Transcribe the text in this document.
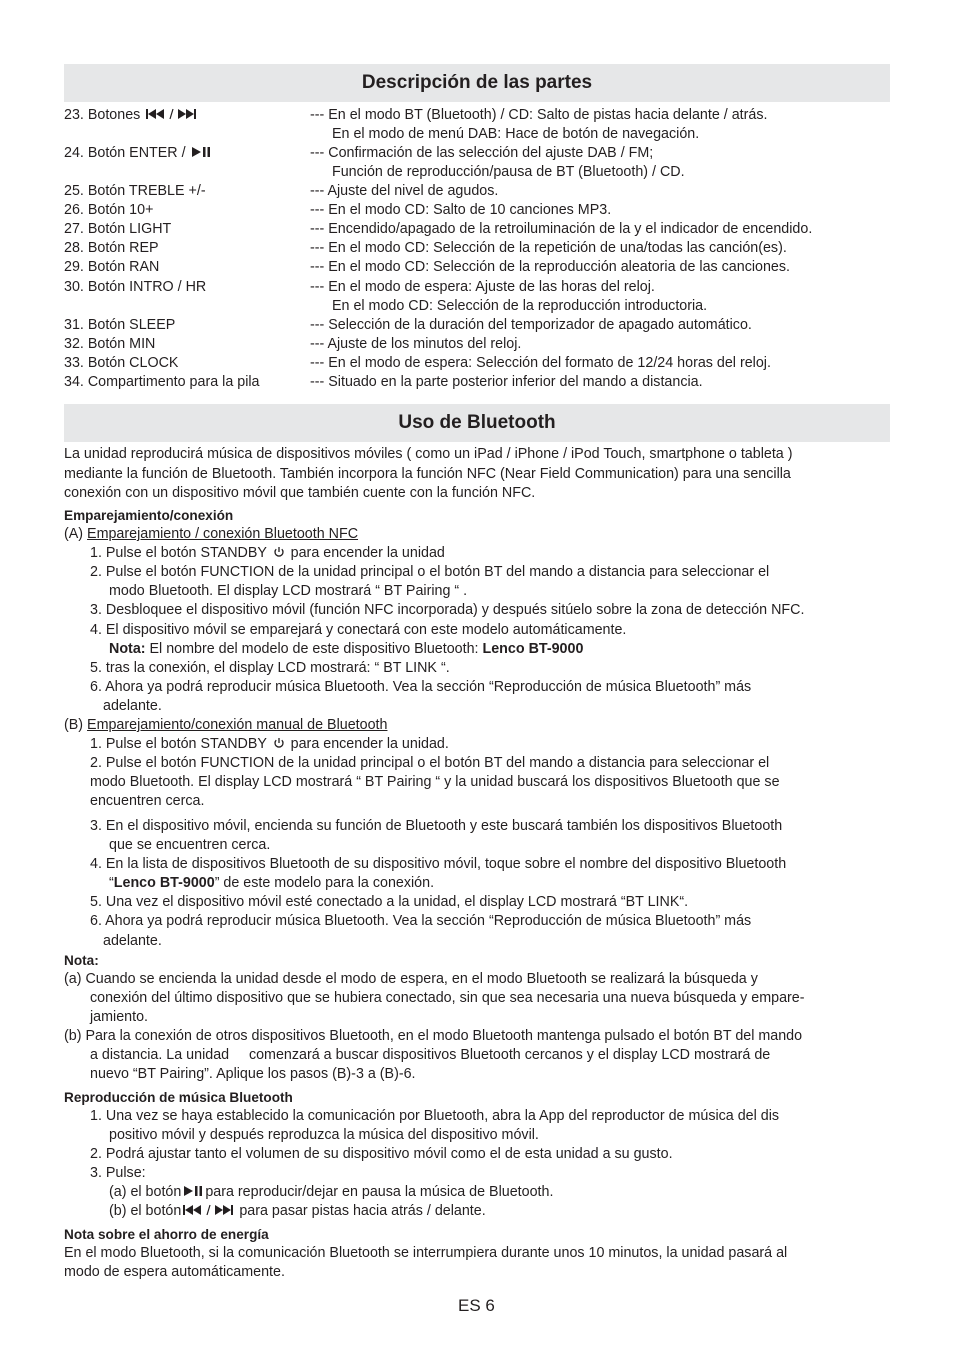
Descripción de las partes
23. Botones	--- En el modo BT (Bluetooth) / CD: Salto de pistas hacia delante / atrás.
En el modo de menú DAB: Hace de botón de navegación.
24. Botón ENTER /	--- Confirmación de las selección del ajuste DAB / FM;
Función de reproducción/pausa de BT (Bluetooth) / CD.
25. Botón TREBLE +/-	--- Ajuste del nivel de agudos.
26. Botón 10+	--- En el modo CD: Salto de 10 canciones MP3.
27. Botón LIGHT	--- Encendido/apagado de la retroiluminación de la y el indicador de encendido.
28. Botón REP	--- En el modo CD: Selección de la repetición de una/todas las canción(es).
29. Botón RAN	--- En el modo CD: Selección de la reproducción aleatoria de las canciones.
30. Botón INTRO / HR	--- En el modo de espera: Ajuste de las horas del reloj.
En el modo CD: Selección de la reproducción introductoria.
31. Botón SLEEP	--- Selección de la duración del temporizador de apagado automático.
32. Botón MIN	--- Ajuste de los minutos del reloj.
33. Botón CLOCK	--- En el modo de espera: Selección del formato de 12/24 horas del reloj.
34. Compartimento para la pila	--- Situado en la parte posterior inferior del mando a distancia.
Uso de Bluetooth
La unidad reproducirá música de dispositivos móviles ( como un iPad / iPhone / iPod Touch, smartphone o tableta )
mediante la función de Bluetooth. También incorpora la función NFC (Near Field Communication) para una sencilla
conexión con un dispositivo móvil que también cuente con la función NFC.
Emparejamiento/conexión
(A) Emparejamiento / conexión Bluetooth NFC
1. Pulse el botón STANDBY para encender la unidad
2. Pulse el botón FUNCTION de la unidad principal o el botón BT del mando a distancia para seleccionar el
modo Bluetooth. El display LCD mostrará “ BT Pairing “ .
3. Desbloquee el dispositivo móvil (función NFC incorporada) y después sitúelo sobre la zona de detección NFC.
4. El dispositivo móvil se emparejará y conectará con este modelo automáticamente.
Nota: El nombre del modelo de este dispositivo Bluetooth: Lenco BT-9000
5. tras la conexión, el display LCD mostrará: “ BT LINK “.
6. Ahora ya podrá reproducir música Bluetooth. Vea la sección “Reproducción de música Bluetooth” más
adelante.
(B) Emparejamiento/conexión manual de Bluetooth
1. Pulse el botón STANDBY para encender la unidad.
2. Pulse el botón FUNCTION de la unidad principal o el botón BT del mando a distancia para seleccionar el
modo Bluetooth. El display LCD mostrará “ BT Pairing “ y la unidad buscará los dispositivos Bluetooth que se
encuentren cerca.
3. En el dispositivo móvil, encienda su función de Bluetooth y este buscará también los dispositivos Bluetooth
que se encuentren cerca.
4. En la lista de dispositivos Bluetooth de su dispositivo móvil, toque sobre el nombre del dispositivo Bluetooth
“Lenco BT-9000” de este modelo para la conexión.
5. Una vez el dispositivo móvil esté conectado a la unidad, el display LCD mostrará “BT LINK“.
6. Ahora ya podrá reproducir música Bluetooth. Vea la sección “Reproducción de música Bluetooth” más
adelante.
Nota:
(a) Cuando se encienda la unidad desde el modo de espera, en el modo Bluetooth se realizará la búsqueda y
conexión del último dispositivo que se hubiera conectado, sin que sea necesaria una nueva búsqueda y empare-
jamiento.
(b) Para la conexión de otros dispositivos Bluetooth, en el modo Bluetooth mantenga pulsado el botón BT del mando
a distancia. La unidad     comenzará a buscar dispositivos Bluetooth cercanos y el display LCD mostrará de
nuevo “BT Pairing”. Aplique los pasos (B)-3 a (B)-6.
Reproducción de música Bluetooth
1. Una vez se haya establecido la comunicación por Bluetooth, abra la App del reproductor de música del dis
positivo móvil y después reproduzca la música del dispositivo móvil.
2. Podrá ajustar tanto el volumen de su dispositivo móvil como el de esta unidad a su gusto.
3. Pulse:
(a) el botón para reproducir/dejar en pausa la música de Bluetooth.
(b) el botón	para pasar pistas hacia atrás / delante.
Nota sobre el ahorro de energía
En el modo Bluetooth, si la comunicación Bluetooth se interrumpiera durante unos 10 minutos, la unidad pasará al
modo de espera automáticamente.
ES 6
